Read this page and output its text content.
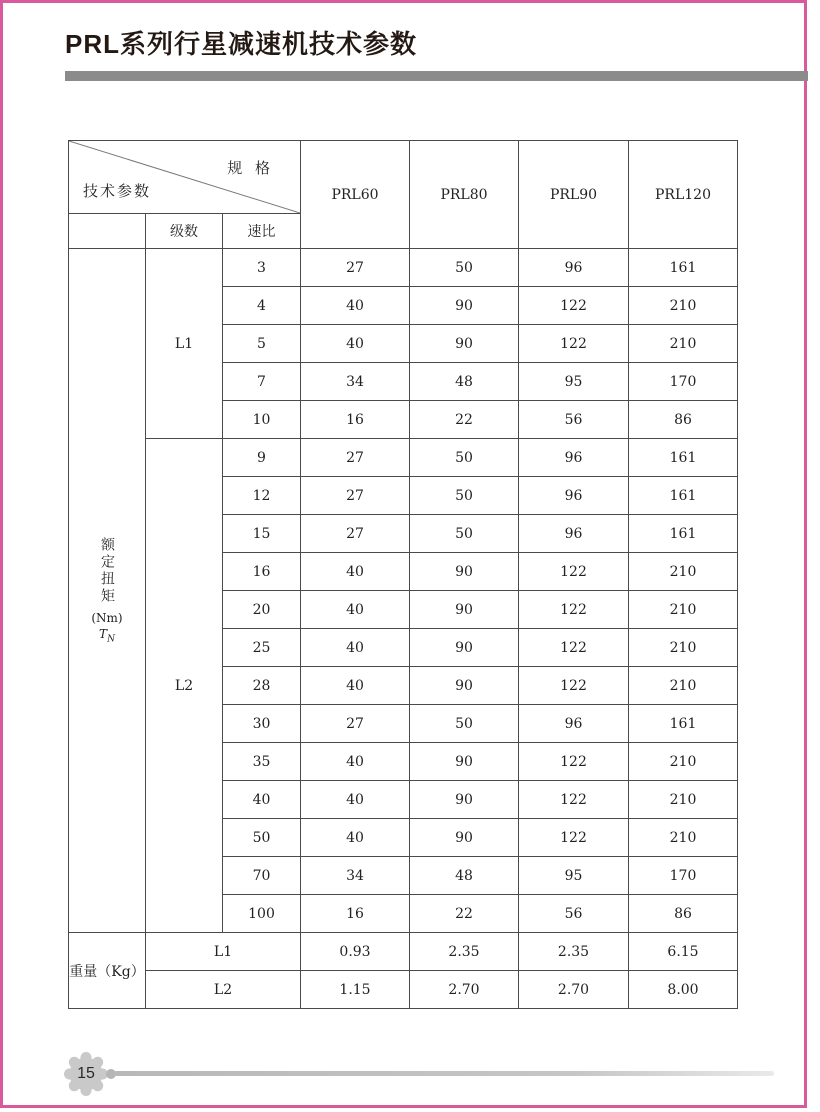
PRL系列行星减速机技术参数
规 格
技术参数			PRL60	PRL80	PRL90	PRL120
	级数	速比				

额定扭矩
(Nm)
$T_N$	L1	3	27	50	96	161
		4	40	90	122	210
		5	40	90	122	210
		7	34	48	95	170
		10	16	22	56	86
	L2	9	27	50	96	161
		12	27	50	96	161
		15	27	50	96	161
		16	40	90	122	210
		20	40	90	122	210
		25	40	90	122	210
		28	40	90	122	210
		30	27	50	96	161
		35	40	90	122	210
		40	40	90	122	210
		50	40	90	122	210
		70	34	48	95	170
		100	16	22	56	86
重量（Kg）	L1		0.93	2.35	2.35	6.15
	L2		1.15	2.70	2.70	8.00
15
